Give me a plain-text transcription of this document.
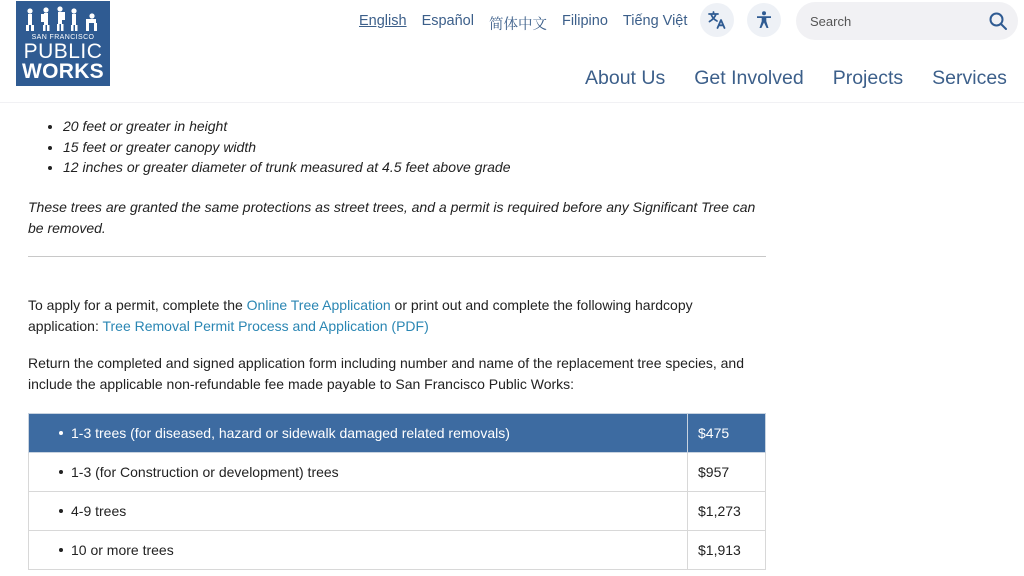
SAN FRANCISCO
PUBLIC
WORKS
English Español 简体中文 Filipino Tiếng Việt
Search
About Us Get Involved Projects Services
• 20 feet or greater in height
• 15 feet or greater canopy width
• 12 inches or greater diameter of trunk measured at 4.5 feet above grade

These trees are granted the same protections as street trees, and a permit is required before any Significant Tree can be removed.

To apply for a permit, complete the Online Tree Application or print out and complete the following hardcopy application: Tree Removal Permit Process and Application (PDF)

Return the completed and signed application form including number and name of the replacement tree species, and include the applicable non-refundable fee made payable to San Francisco Public Works:

1-3 trees (for diseased, hazard or sidewalk damaged related removals)	$475
1-3 (for Construction or development) trees	$957
4-9 trees	$1,273
10 or more trees	$1,913
